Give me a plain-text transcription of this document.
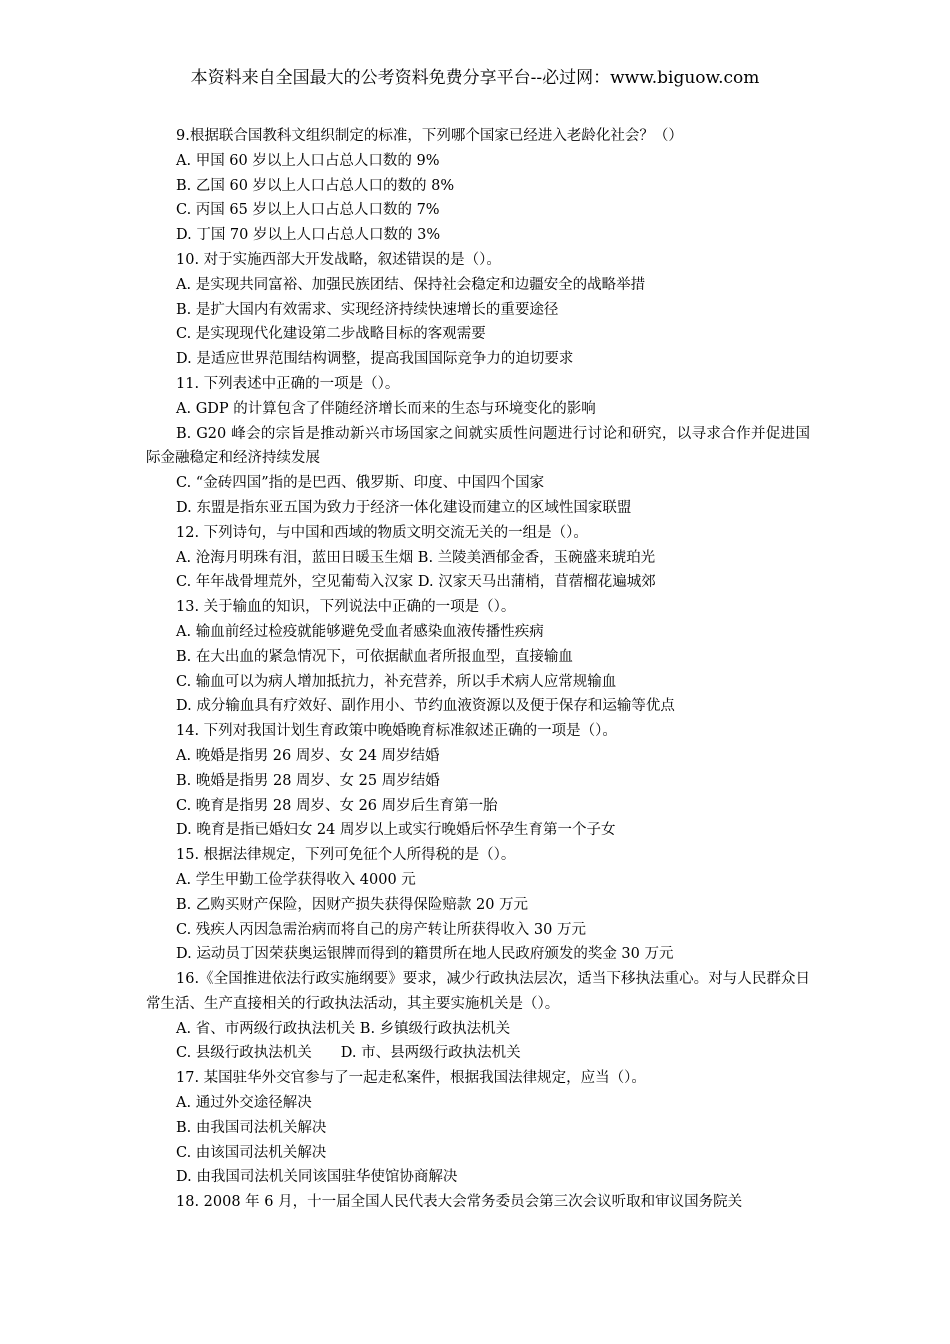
本资料来自全国最大的公考资料免费分享平台--必过网：www.biguow.com
9.根据联合国教科文组织制定的标准，下列哪个国家已经进入老龄化社会？（）
A. 甲国 60 岁以上人口占总人口数的 9%
B. 乙国 60 岁以上人口占总人口的数的 8%
C. 丙国 65 岁以上人口占总人口数的 7%
D. 丁国 70 岁以上人口占总人口数的 3%
10. 对于实施西部大开发战略，叙述错误的是（）。
A. 是实现共同富裕、加强民族团结、保持社会稳定和边疆安全的战略举措
B. 是扩大国内有效需求、实现经济持续快速增长的重要途径
C. 是实现现代化建设第二步战略目标的客观需要
D. 是适应世界范围结构调整，提高我国国际竞争力的迫切要求
11. 下列表述中正确的一项是（）。
A. GDP 的计算包含了伴随经济增长而来的生态与环境变化的影响
B. G20 峰会的宗旨是推动新兴市场国家之间就实质性问题进行讨论和研究，以寻求合作并促进国际金融稳定和经济持续发展
C. “金砖四国”指的是巴西、俄罗斯、印度、中国四个国家
D. 东盟是指东亚五国为致力于经济一体化建设而建立的区域性国家联盟
12. 下列诗句，与中国和西域的物质文明交流无关的一组是（）。
A. 沧海月明珠有泪，蓝田日暖玉生烟 B. 兰陵美酒郁金香，玉碗盛来琥珀光
C. 年年战骨埋荒外，空见葡萄入汉家 D. 汉家天马出蒲梢，苜蓿榴花遍城郊
13. 关于输血的知识，下列说法中正确的一项是（）。
A. 输血前经过检疫就能够避免受血者感染血液传播性疾病
B. 在大出血的紧急情况下，可依据献血者所报血型，直接输血
C. 输血可以为病人增加抵抗力，补充营养，所以手术病人应常规输血
D. 成分输血具有疗效好、副作用小、节约血液资源以及便于保存和运输等优点
14. 下列对我国计划生育政策中晚婚晚育标准叙述正确的一项是（）。
A. 晚婚是指男 26 周岁、女 24 周岁结婚
B. 晚婚是指男 28 周岁、女 25 周岁结婚
C. 晚育是指男 28 周岁、女 26 周岁后生育第一胎
D. 晚育是指已婚妇女 24 周岁以上或实行晚婚后怀孕生育第一个子女
15. 根据法律规定，下列可免征个人所得税的是（）。
A. 学生甲勤工俭学获得收入 4000 元
B. 乙购买财产保险，因财产损失获得保险赔款 20 万元
C. 残疾人丙因急需治病而将自己的房产转让所获得收入 30 万元
D. 运动员丁因荣获奥运银牌而得到的籍贯所在地人民政府颁发的奖金 30 万元
16.《全国推进依法行政实施纲要》要求，减少行政执法层次，适当下移执法重心。对与人民群众日常生活、生产直接相关的行政执法活动，其主要实施机关是（）。
A. 省、市两级行政执法机关 B. 乡镇级行政执法机关
C. 县级行政执法机关　　D. 市、县两级行政执法机关
17. 某国驻华外交官参与了一起走私案件，根据我国法律规定，应当（）。
A. 通过外交途径解决
B. 由我国司法机关解决
C. 由该国司法机关解决
D. 由我国司法机关同该国驻华使馆协商解决
18. 2008 年 6 月，十一届全国人民代表大会常务委员会第三次会议听取和审议国务院关
